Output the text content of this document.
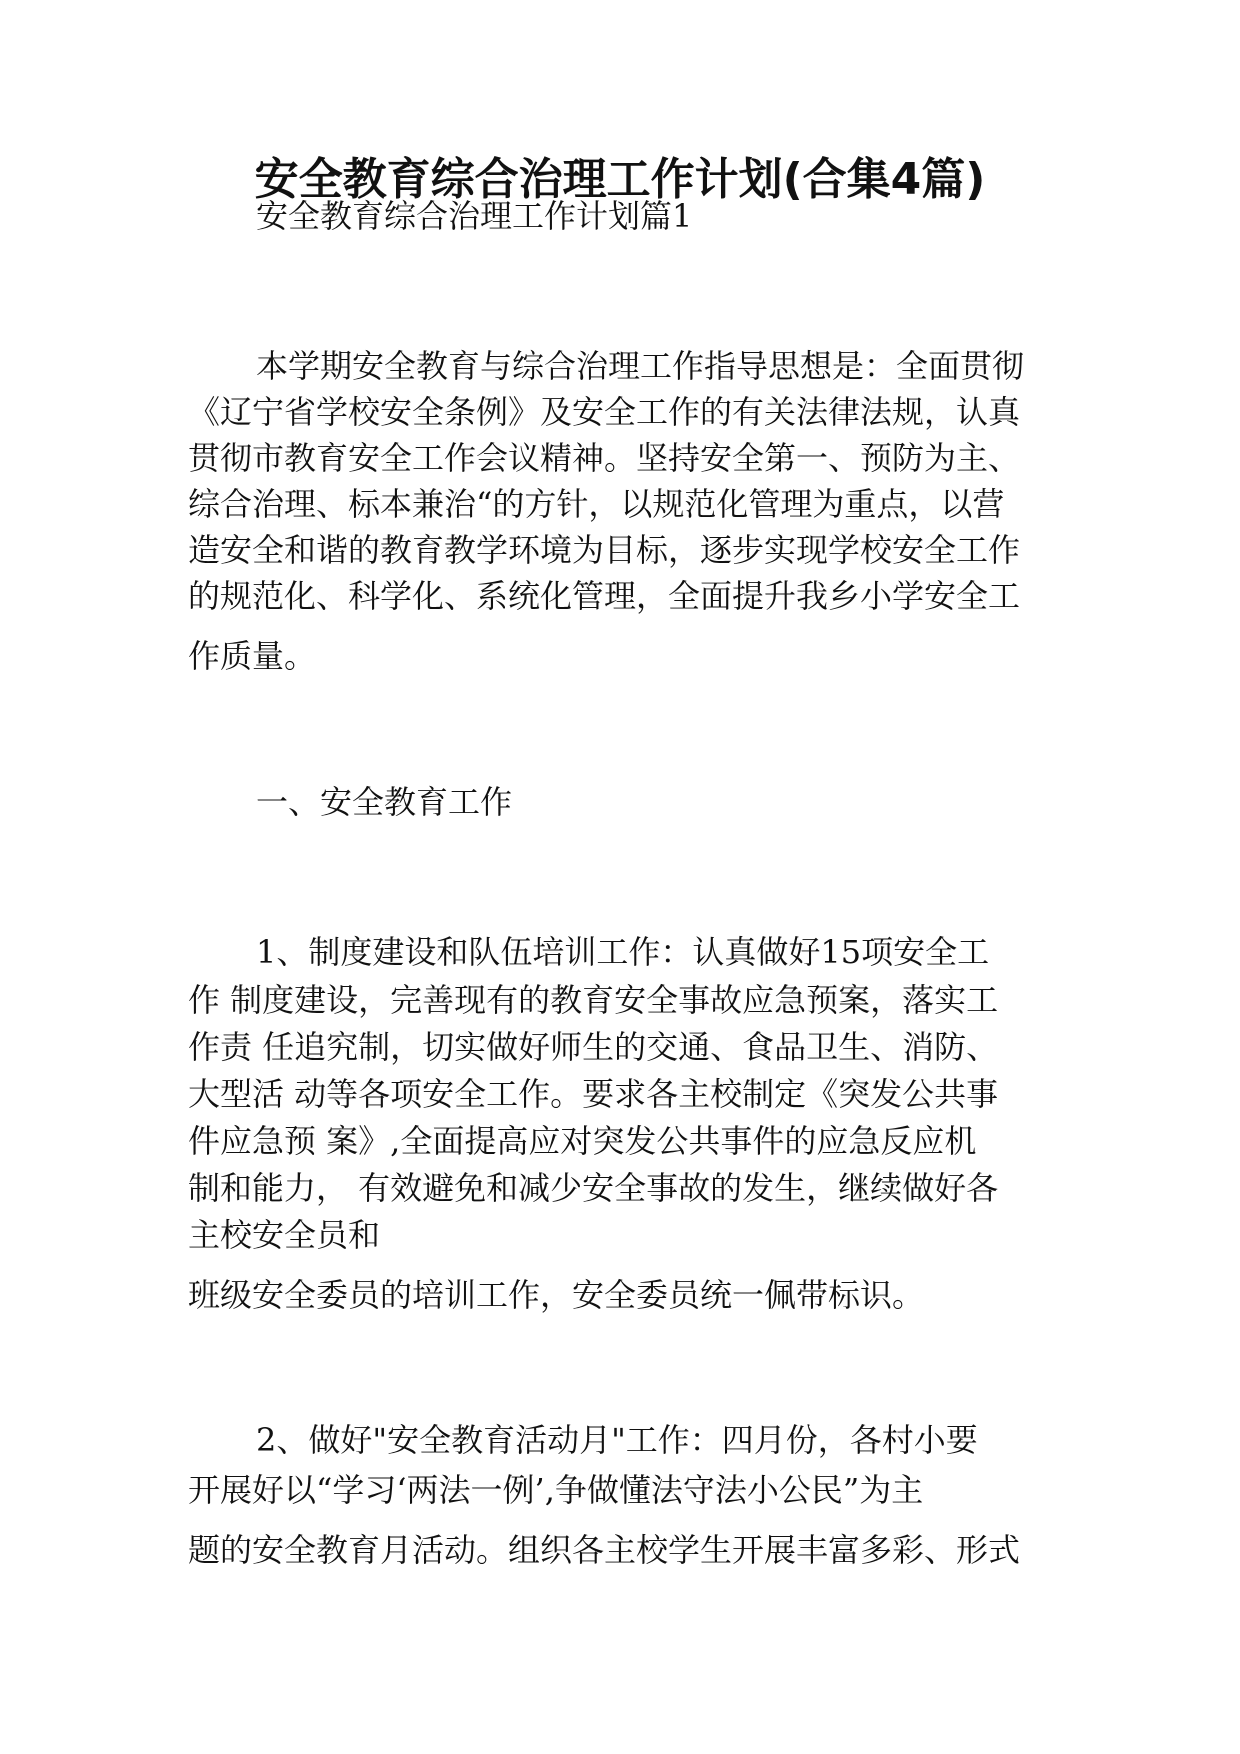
安全教育综合治理工作计划(合集4篇)
安全教育综合治理工作计划篇1
本学期安全教育与综合治理工作指导思想是：全面贯彻
《辽宁省学校安全条例》及安全工作的有关法律法规，认真
贯彻市教育安全工作会议精神。坚持安全第一、预防为主、
综合治理、标本兼治“的方针，以规范化管理为重点，以营
造安全和谐的教育教学环境为目标，逐步实现学校安全工作
的规范化、科学化、系统化管理，全面提升我乡小学安全工
作质量。
一、安全教育工作
1、制度建设和队伍培训工作：认真做好15项安全工
作 制度建设，完善现有的教育安全事故应急预案，落实工
作责 任追究制，切实做好师生的交通、食品卫生、消防、
大型活 动等各项安全工作。要求各主校制定《突发公共事
件应急预 案》,全面提高应对突发公共事件的应急反应机
制和能力， 有效避免和减少安全事故的发生，继续做好各
主校安全员和
班级安全委员的培训工作，安全委员统一佩带标识。
2、做好"安全教育活动月"工作：四月份，各村小要
开展好以“学习‘两法一例’,争做懂法守法小公民”为主
题的安全教育月活动。组织各主校学生开展丰富多彩、形式
